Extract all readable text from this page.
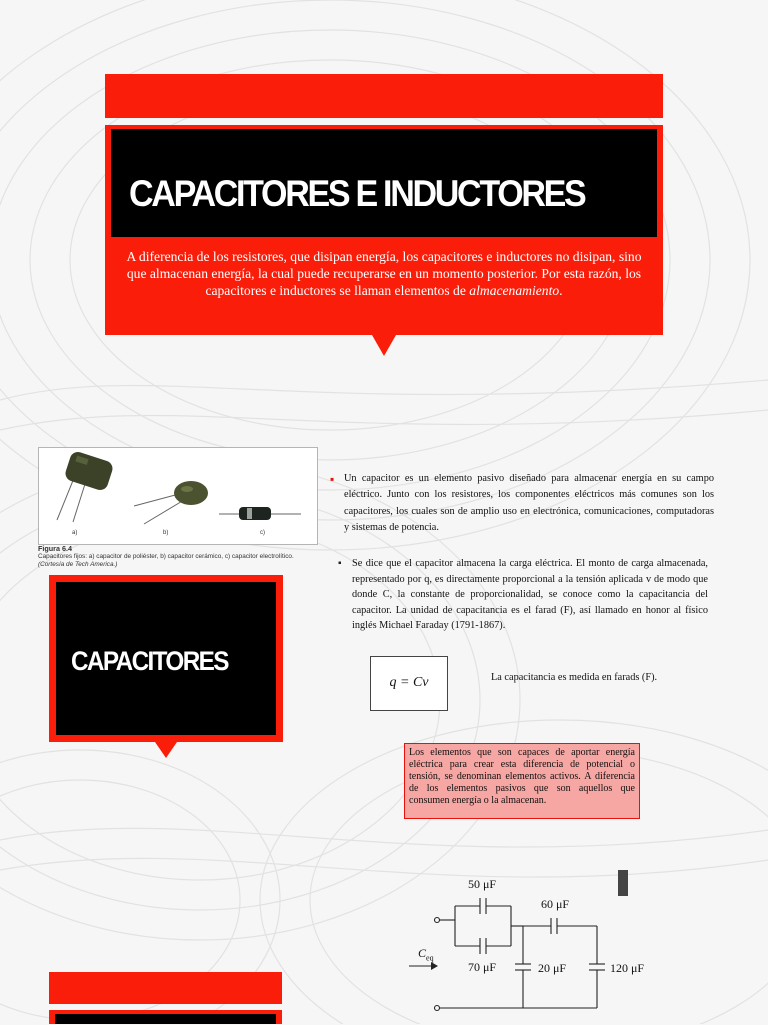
CAPACITORES E INDUCTORES

A diferencia de los resistores, que disipan energía, los capacitores e inductores no disipan, sino que almacenan energía, la cual puede recuperarse en un momento posterior. Por esta razón, los capacitores e inductores se llaman elementos de almacenamiento.

a)	b)	c)
Figura 6.4
Capacitores fijos: a) capacitor de poliéster, b) capacitor cerámico, c) capacitor electrolítico. (Cortesía de Tech America.)
CAPACITORES
▪ Un capacitor es un elemento pasivo diseñado para almacenar energía en su campo eléctrico. Junto con los resistores, los componentes eléctricos más comunes son los capacitores, los cuales son de amplio uso en electrónica, comunicaciones, computadoras y sistemas de potencia.

▪ Se dice que el capacitor almacena la carga eléctrica. El monto de carga almacenada, representado por q, es directamente proporcional a la tensión aplicada v de modo que donde C, la constante de proporcionalidad, se conoce como la capacitancia del capacitor. La unidad de capacitancia es el farad (F), así llamado en honor al físico inglés Michael Faraday (1791-1867).

q = Cv	La capacitancia es medida en farads (F).

Los elementos que son capaces de aportar energía eléctrica para crear esta diferencia de potencial o tensión, se denominan elementos activos. A diferencia de los elementos pasivos que son aquellos que consumen energía o la almacenan.

50 μF
60 μF
70 μF	20 μF	120 μF
$C_{eq}$
